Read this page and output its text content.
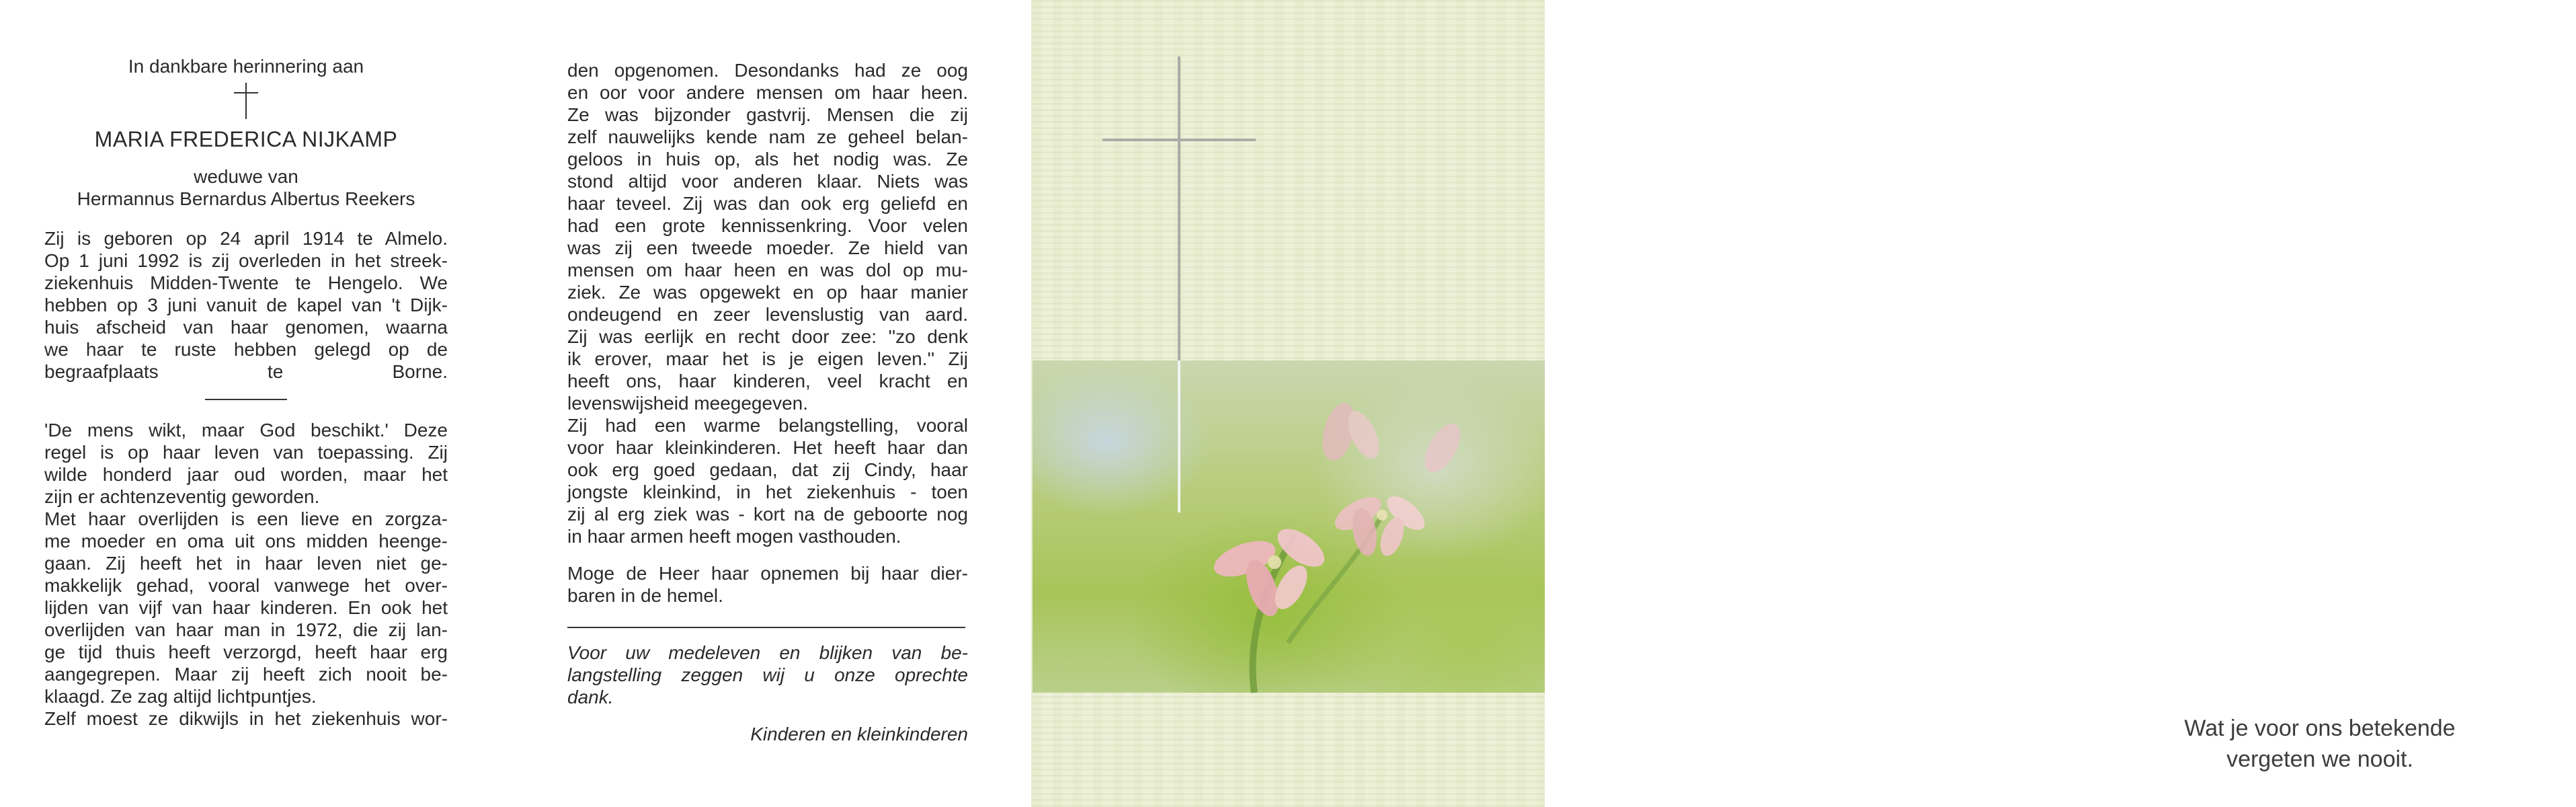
In dankbare herinnering aan
MARIA FREDERICA NIJKAMP
weduwe van
Hermannus Bernardus Albertus Reekers
Zij is geboren op 24 april 1914 te Almelo.
Op 1 juni 1992 is zij overleden in het streek-
ziekenhuis Midden-Twente te Hengelo. We
hebben op 3 juni vanuit de kapel van 't Dijk-
huis afscheid van haar genomen, waarna
we haar te ruste hebben gelegd op de
begraafplaats te Borne.
'De mens wikt, maar God beschikt.' Deze
regel is op haar leven van toepassing. Zij
wilde honderd jaar oud worden, maar het
zijn er achtenzeventig geworden.
Met haar overlijden is een lieve en zorgza-
me moeder en oma uit ons midden heenge-
gaan. Zij heeft het in haar leven niet ge-
makkelijk gehad, vooral vanwege het over-
lijden van vijf van haar kinderen. En ook het
overlijden van haar man in 1972, die zij lan-
ge tijd thuis heeft verzorgd, heeft haar erg
aangegrepen. Maar zij heeft zich nooit be-
klaagd. Ze zag altijd lichtpuntjes.
Zelf moest ze dikwijls in het ziekenhuis wor-
den opgenomen. Desondanks had ze oog
en oor voor andere mensen om haar heen.
Ze was bijzonder gastvrij. Mensen die zij
zelf nauwelijks kende nam ze geheel belan-
geloos in huis op, als het nodig was. Ze
stond altijd voor anderen klaar. Niets was
haar teveel. Zij was dan ook erg geliefd en
had een grote kennissenkring. Voor velen
was zij een tweede moeder. Ze hield van
mensen om haar heen en was dol op mu-
ziek. Ze was opgewekt en op haar manier
ondeugend en zeer levenslustig van aard.
Zij was eerlijk en recht door zee: ''zo denk
ik erover, maar het is je eigen leven.'' Zij
heeft ons, haar kinderen, veel kracht en
levenswijsheid meegegeven.
Zij had een warme belangstelling, vooral
voor haar kleinkinderen. Het heeft haar dan
ook erg goed gedaan, dat zij Cindy, haar
jongste kleinkind, in het ziekenhuis - toen
zij al erg ziek was - kort na de geboorte nog
in haar armen heeft mogen vasthouden.
Moge de Heer haar opnemen bij haar dier-
baren in de hemel.
Voor uw medeleven en blijken van be-
langstelling zeggen wij u onze oprechte
dank.
Kinderen en kleinkinderen	Wat je voor ons betekende
vergeten we nooit.
